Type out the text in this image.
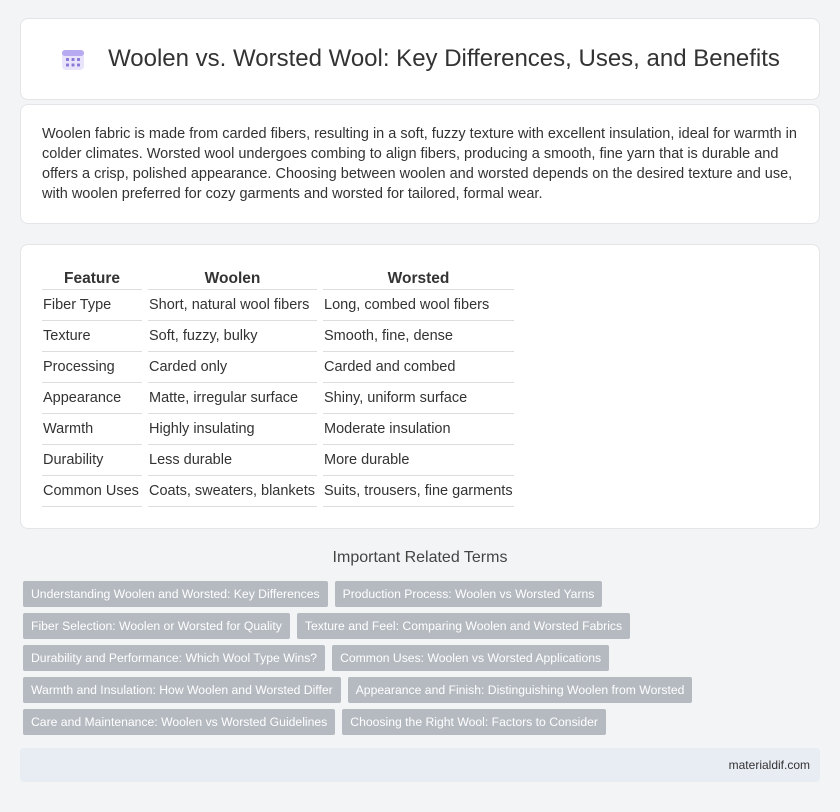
Woolen vs. Worsted Wool: Key Differences, Uses, and Benefits

Woolen fabric is made from carded fibers, resulting in a soft, fuzzy texture with excellent insulation, ideal for warmth in colder climates. Worsted wool undergoes combing to align fibers, producing a smooth, fine yarn that is durable and offers a crisp, polished appearance. Choosing between woolen and worsted depends on the desired texture and use, with woolen preferred for cozy garments and worsted for tailored, formal wear.

Feature	Woolen	Worsted
Fiber Type	Short, natural wool fibers	Long, combed wool fibers
Texture	Soft, fuzzy, bulky	Smooth, fine, dense
Processing	Carded only	Carded and combed
Appearance	Matte, irregular surface	Shiny, uniform surface
Warmth	Highly insulating	Moderate insulation
Durability	Less durable	More durable
Common Uses	Coats, sweaters, blankets	Suits, trousers, fine garments
Important Related Terms
Understanding Woolen and Worsted: Key Differences	Production Process: Woolen vs Worsted Yarns
Fiber Selection: Woolen or Worsted for Quality	Texture and Feel: Comparing Woolen and Worsted Fabrics
Durability and Performance: Which Wool Type Wins?	Common Uses: Woolen vs Worsted Applications
Warmth and Insulation: How Woolen and Worsted Differ	Appearance and Finish: Distinguishing Woolen from Worsted
Care and Maintenance: Woolen vs Worsted Guidelines	Choosing the Right Wool: Factors to Consider
materialdif.com
